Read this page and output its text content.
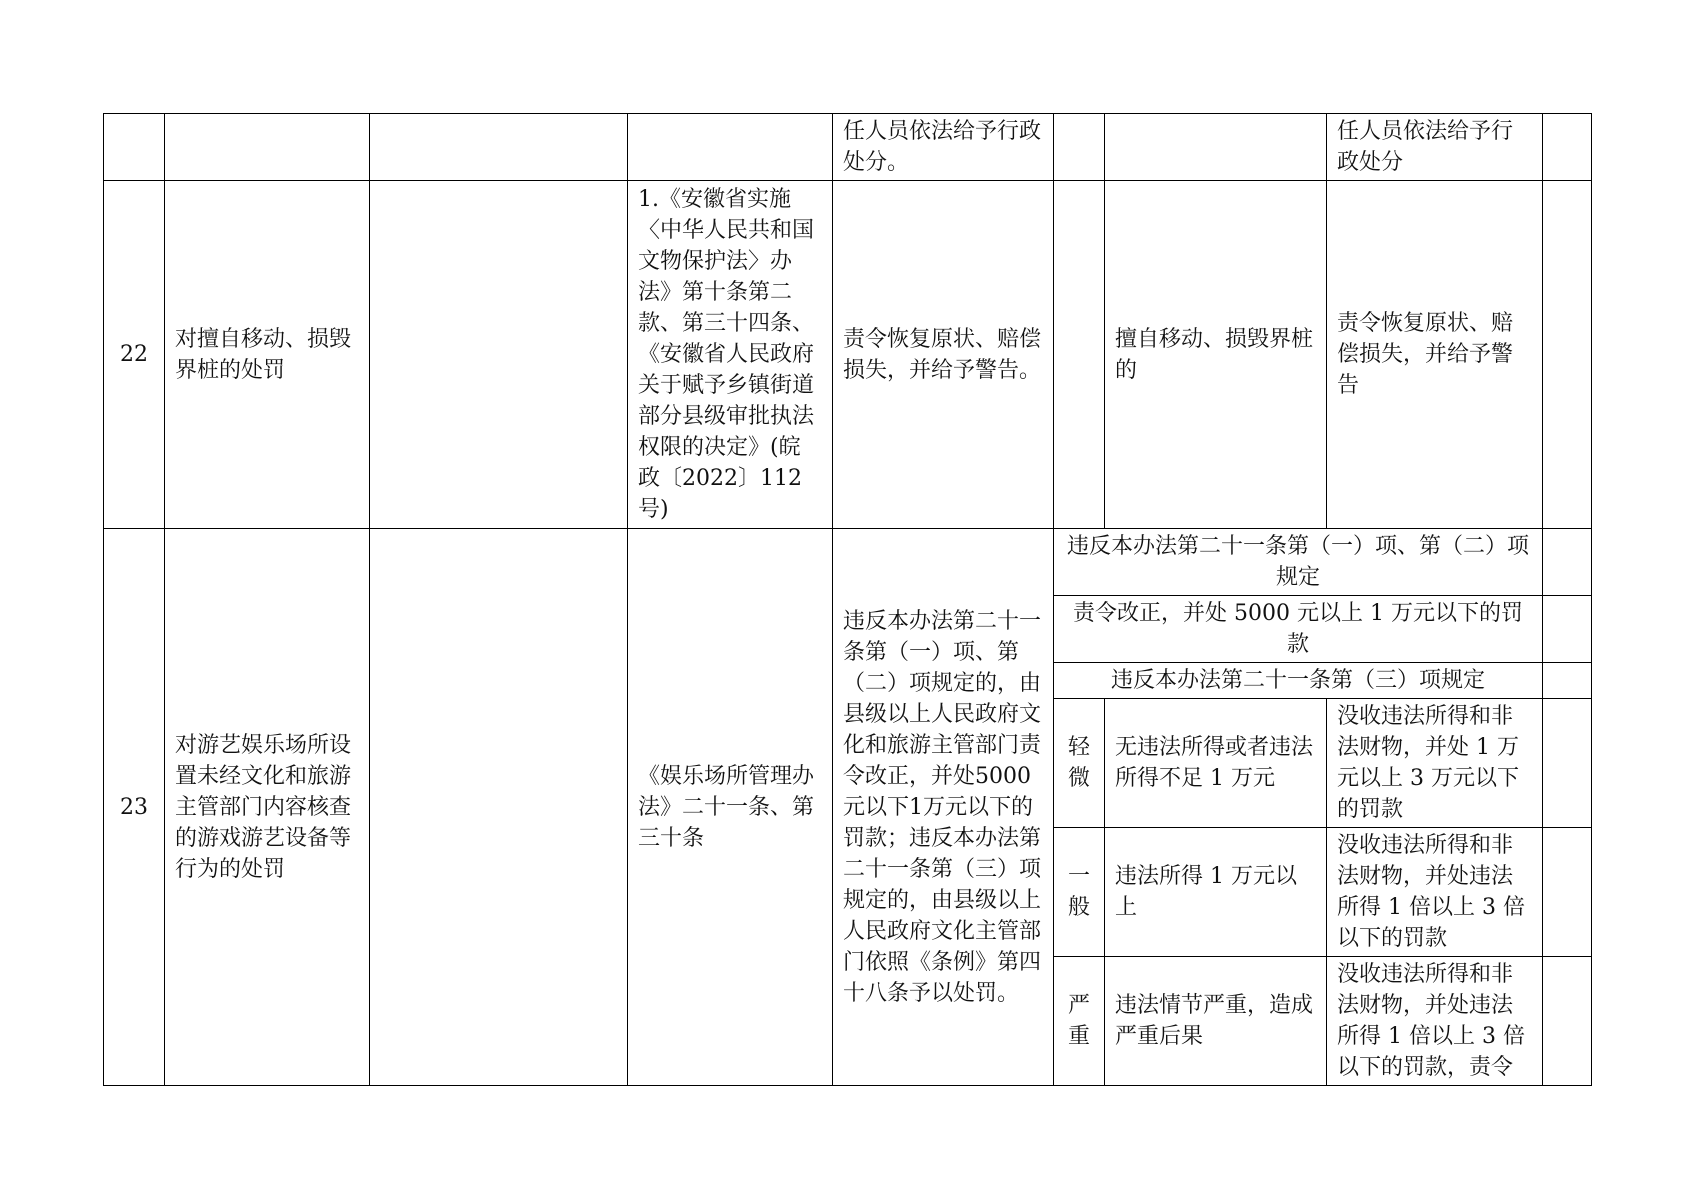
				任人员依法给予行政处分。			任人员依法给予行政处分	
22	对擅自移动、损毁界桩的处罚		1.《安徽省实施〈中华人民共和国文物保护法〉办法》第十条第二款、第三十四条、《安徽省人民政府关于赋予乡镇街道部分县级审批执法权限的决定》(皖政〔2022〕112 号)	责令恢复原状、赔偿损失，并给予警告。		擅自移动、损毁界桩的	责令恢复原状、赔偿损失，并给予警告	
23	对游艺娱乐场所设置未经文化和旅游主管部门内容核查的游戏游艺设备等行为的处罚		《娱乐场所管理办法》二十一条、第三十条	违反本办法第二十一条第（一）项、第（二）项规定的，由县级以上人民政府文化和旅游主管部门责令改正，并处5000元以下1万元以下的罚款；违反本办法第二十一条第（三）项规定的，由县级以上人民政府文化主管部门依照《条例》第四十八条予以处罚。	违反本办法第二十一条第（一）项、第（二）项规定			
					责令改正，并处 5000 元以上 1 万元以下的罚款			
					违反本办法第二十一条第（三）项规定			
					轻微	无违法所得或者违法所得不足 1 万元	没收违法所得和非法财物，并处 1 万元以上 3 万元以下的罚款	
					一般	违法所得 1 万元以上	没收违法所得和非法财物，并处违法所得 1 倍以上 3 倍以下的罚款	
					严重	违法情节严重，造成严重后果	没收违法所得和非法财物，并处违法所得 1 倍以上 3 倍以下的罚款，责令	
